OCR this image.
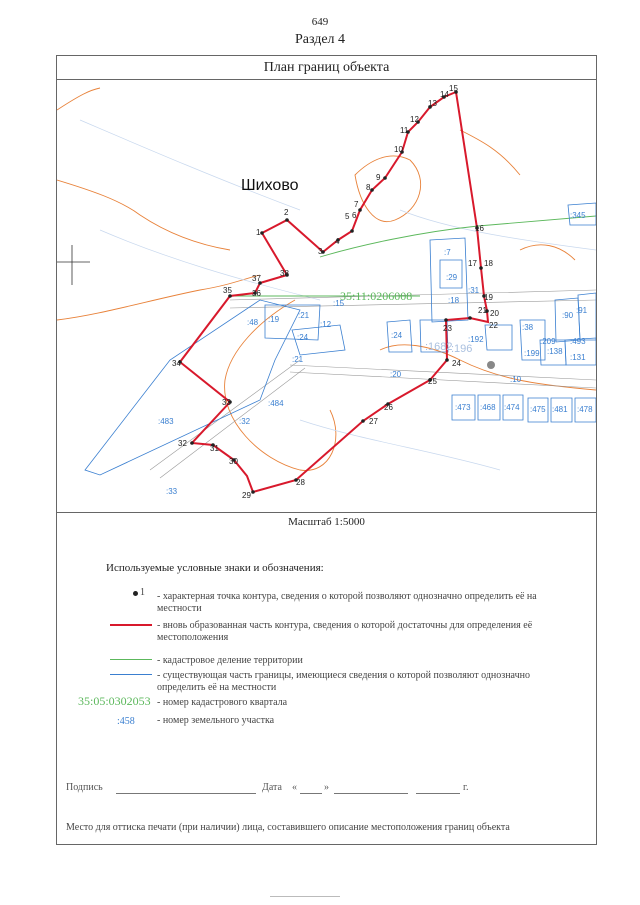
649
Раздел 4
План границ объекта
1
2
3
4
5 6
7
8
9
10
11
12
13
14
15
16
17 18
19
20
21
22
23
24
25
26
27
28
29
30
31
32
33
34
35	36
37
38
Шихово
35:11:0206008
:345
:7
:29
:31
:18
:15
:19 :21
:24
:48	:12
:24
:21
:20
:10
:38
:90
:91
:209 :493
:199 :138
:131
:473 :468 :474 :475 :481 :478
:483
:484
:32
:33
:192
:1682
:196
Масштаб 1:5000
Используемые условные знаки и обозначения:
1 - характерная точка контура, сведения о которой позволяют однозначно определить её на местности
- вновь образованная часть контура, сведения о которой достаточны для определения её местоположения
- кадастровое деление территории
- существующая часть границы, имеющиеся сведения о которой позволяют однозначно определить её на местности
35:05:0302053 - номер кадастрового квартала
:458 - номер земельного участка
Подпись	Дата «	»	г.
Место для оттиска печати (при наличии) лица, составившего описание местоположения границ объекта
